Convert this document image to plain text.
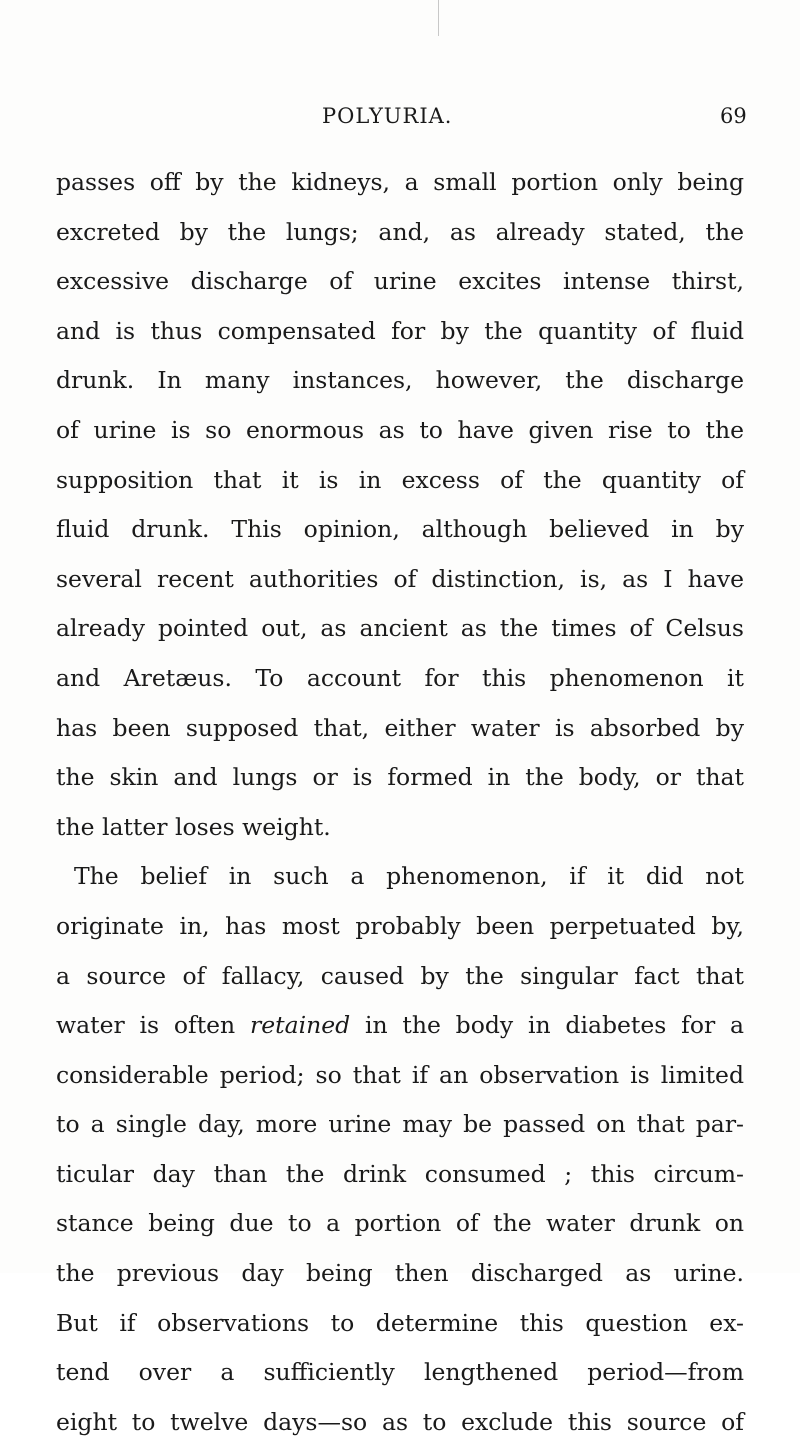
POLYURIA.	69
passes off by the kidneys, a small portion only being
excreted by the lungs; and, as already stated, the
excessive discharge of urine excites intense thirst,
and is thus compensated for by the quantity of fluid
drunk. In many instances, however, the discharge
of urine is so enormous as to have given rise to the
supposition that it is in excess of the quantity of
fluid drunk. This opinion, although believed in by
several recent authorities of distinction, is, as I have
already pointed out, as ancient as the times of Celsus
and Aretæus. To account for this phenomenon it
has been supposed that, either water is absorbed by
the skin and lungs or is formed in the body, or that
the latter loses weight.
The belief in such a phenomenon, if it did not
originate in, has most probably been perpetuated by,
a source of fallacy, caused by the singular fact that
water is often retained in the body in diabetes for a
considerable period; so that if an observation is limited
to a single day, more urine may be passed on that par-
ticular day than the drink consumed ; this circum-
stance being due to a portion of the water drunk on
the previous day being then discharged as urine.
But if observations to determine this question ex-
tend over a sufficiently lengthened period—from
eight to twelve days—so as to exclude this source of
